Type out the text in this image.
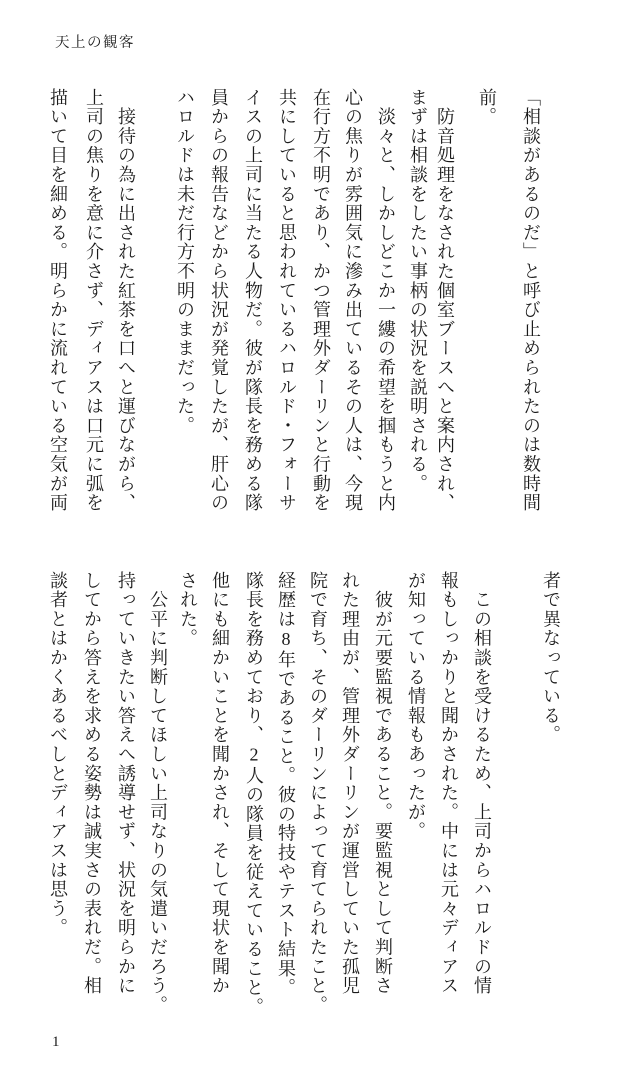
天上の観客
「相談があるのだ」と呼び止められたのは数時間
前。
　防音処理をなされた個室ブースへと案内され、
まずは相談をしたい事柄の状況を説明される。
　淡々と、しかしどこか一縷の希望を掴もうと内
心の焦りが雰囲気に滲み出ているその人は、今現
在行方不明であり、かつ管理外ダーリンと行動を
共にしていると思われているハロルド・フォーサ
イスの上司に当たる人物だ。彼が隊長を務める隊
員からの報告などから状況が発覚したが、肝心の
ハロルドは未だ行方不明のままだった。
　接待の為に出された紅茶を口へと運びながら、
上司の焦りを意に介さず、ディアスは口元に弧を
描いて目を細める。明らかに流れている空気が両
者で異なっている。
　この相談を受けるため、上司からハロルドの情
報もしっかりと聞かされた。中には元々ディアス
が知っている情報もあったが。
　彼が元要監視であること。要監視として判断さ
れた理由が、管理外ダーリンが運営していた孤児
院で育ち、そのダーリンによって育てられたこと。
経歴は8年であること。彼の特技やテスト結果。
隊長を務めており、2人の隊員を従えていること。
他にも細かいことを聞かされ、そして現状を聞か
された。
　公平に判断してほしい上司なりの気遣いだろう。
持っていきたい答えへ誘導せず、状況を明らかに
してから答えを求める姿勢は誠実さの表れだ。相
談者とはかくあるべしとディアスは思う。
1
